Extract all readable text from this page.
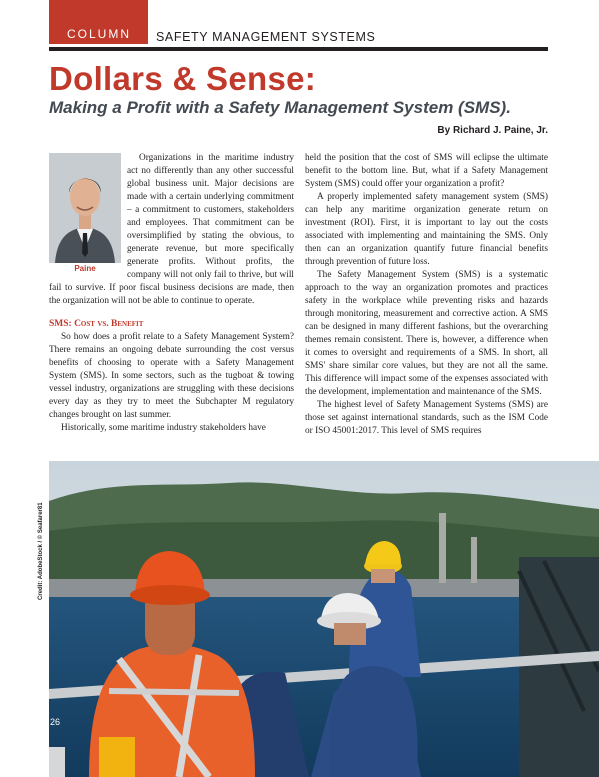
COLUMN SAFETY MANAGEMENT SYSTEMS
Dollars & Sense:
Making a Profit with a Safety Management System (SMS).
By Richard J. Paine, Jr.
Paine

Organizations in the maritime industry act no differently than any other successful global business unit. Major decisions are made with a certain underlying commitment – a commitment to customers, stakeholders and employees. That commitment can be oversimplified by stating the obvious, to generate revenue, but more specifically generate profits. Without profits, the company will not only fail to thrive, but will fail to survive. If poor fiscal business decisions are made, then the organization will not be able to continue to operate.

SMS: Cost vs. Benefit

So how does a profit relate to a Safety Management System? There remains an ongoing debate surrounding the cost versus benefits of choosing to operate with a Safety Management System (SMS). In some sectors, such as the tugboat & towing vessel industry, organizations are struggling with these decisions every day as they try to meet the Subchapter M regulatory changes brought on last summer.

Historically, some maritime industry stakeholders have

held the position that the cost of SMS will eclipse the ultimate benefit to the bottom line. But, what if a Safety Management System (SMS) could offer your organization a profit?

A properly implemented safety management system (SMS) can help any maritime organization generate return on investment (ROI). First, it is important to lay out the costs associated with implementing and maintaining the SMS. Only then can an organization quantify future financial benefits through prevention of future loss.

The Safety Management System (SMS) is a systematic approach to the way an organization promotes and practices safety in the workplace while preventing risks and hazards through monitoring, measurement and corrective action. A SMS can be designed in many different fashions, but the overarching themes remain consistent. There is, however, a difference when it comes to oversight and requirements of a SMS. In short, all SMS' share similar core values, but they are not all the same. This difference will impact some of the expenses associated with the development, implementation and maintenance of the SMS.

The highest level of Safety Management Systems (SMS) are those set against international standards, such as the ISM Code or ISO 45001:2017. This level of SMS requires

Credit: AdobeStock / © Seafarer81
26
